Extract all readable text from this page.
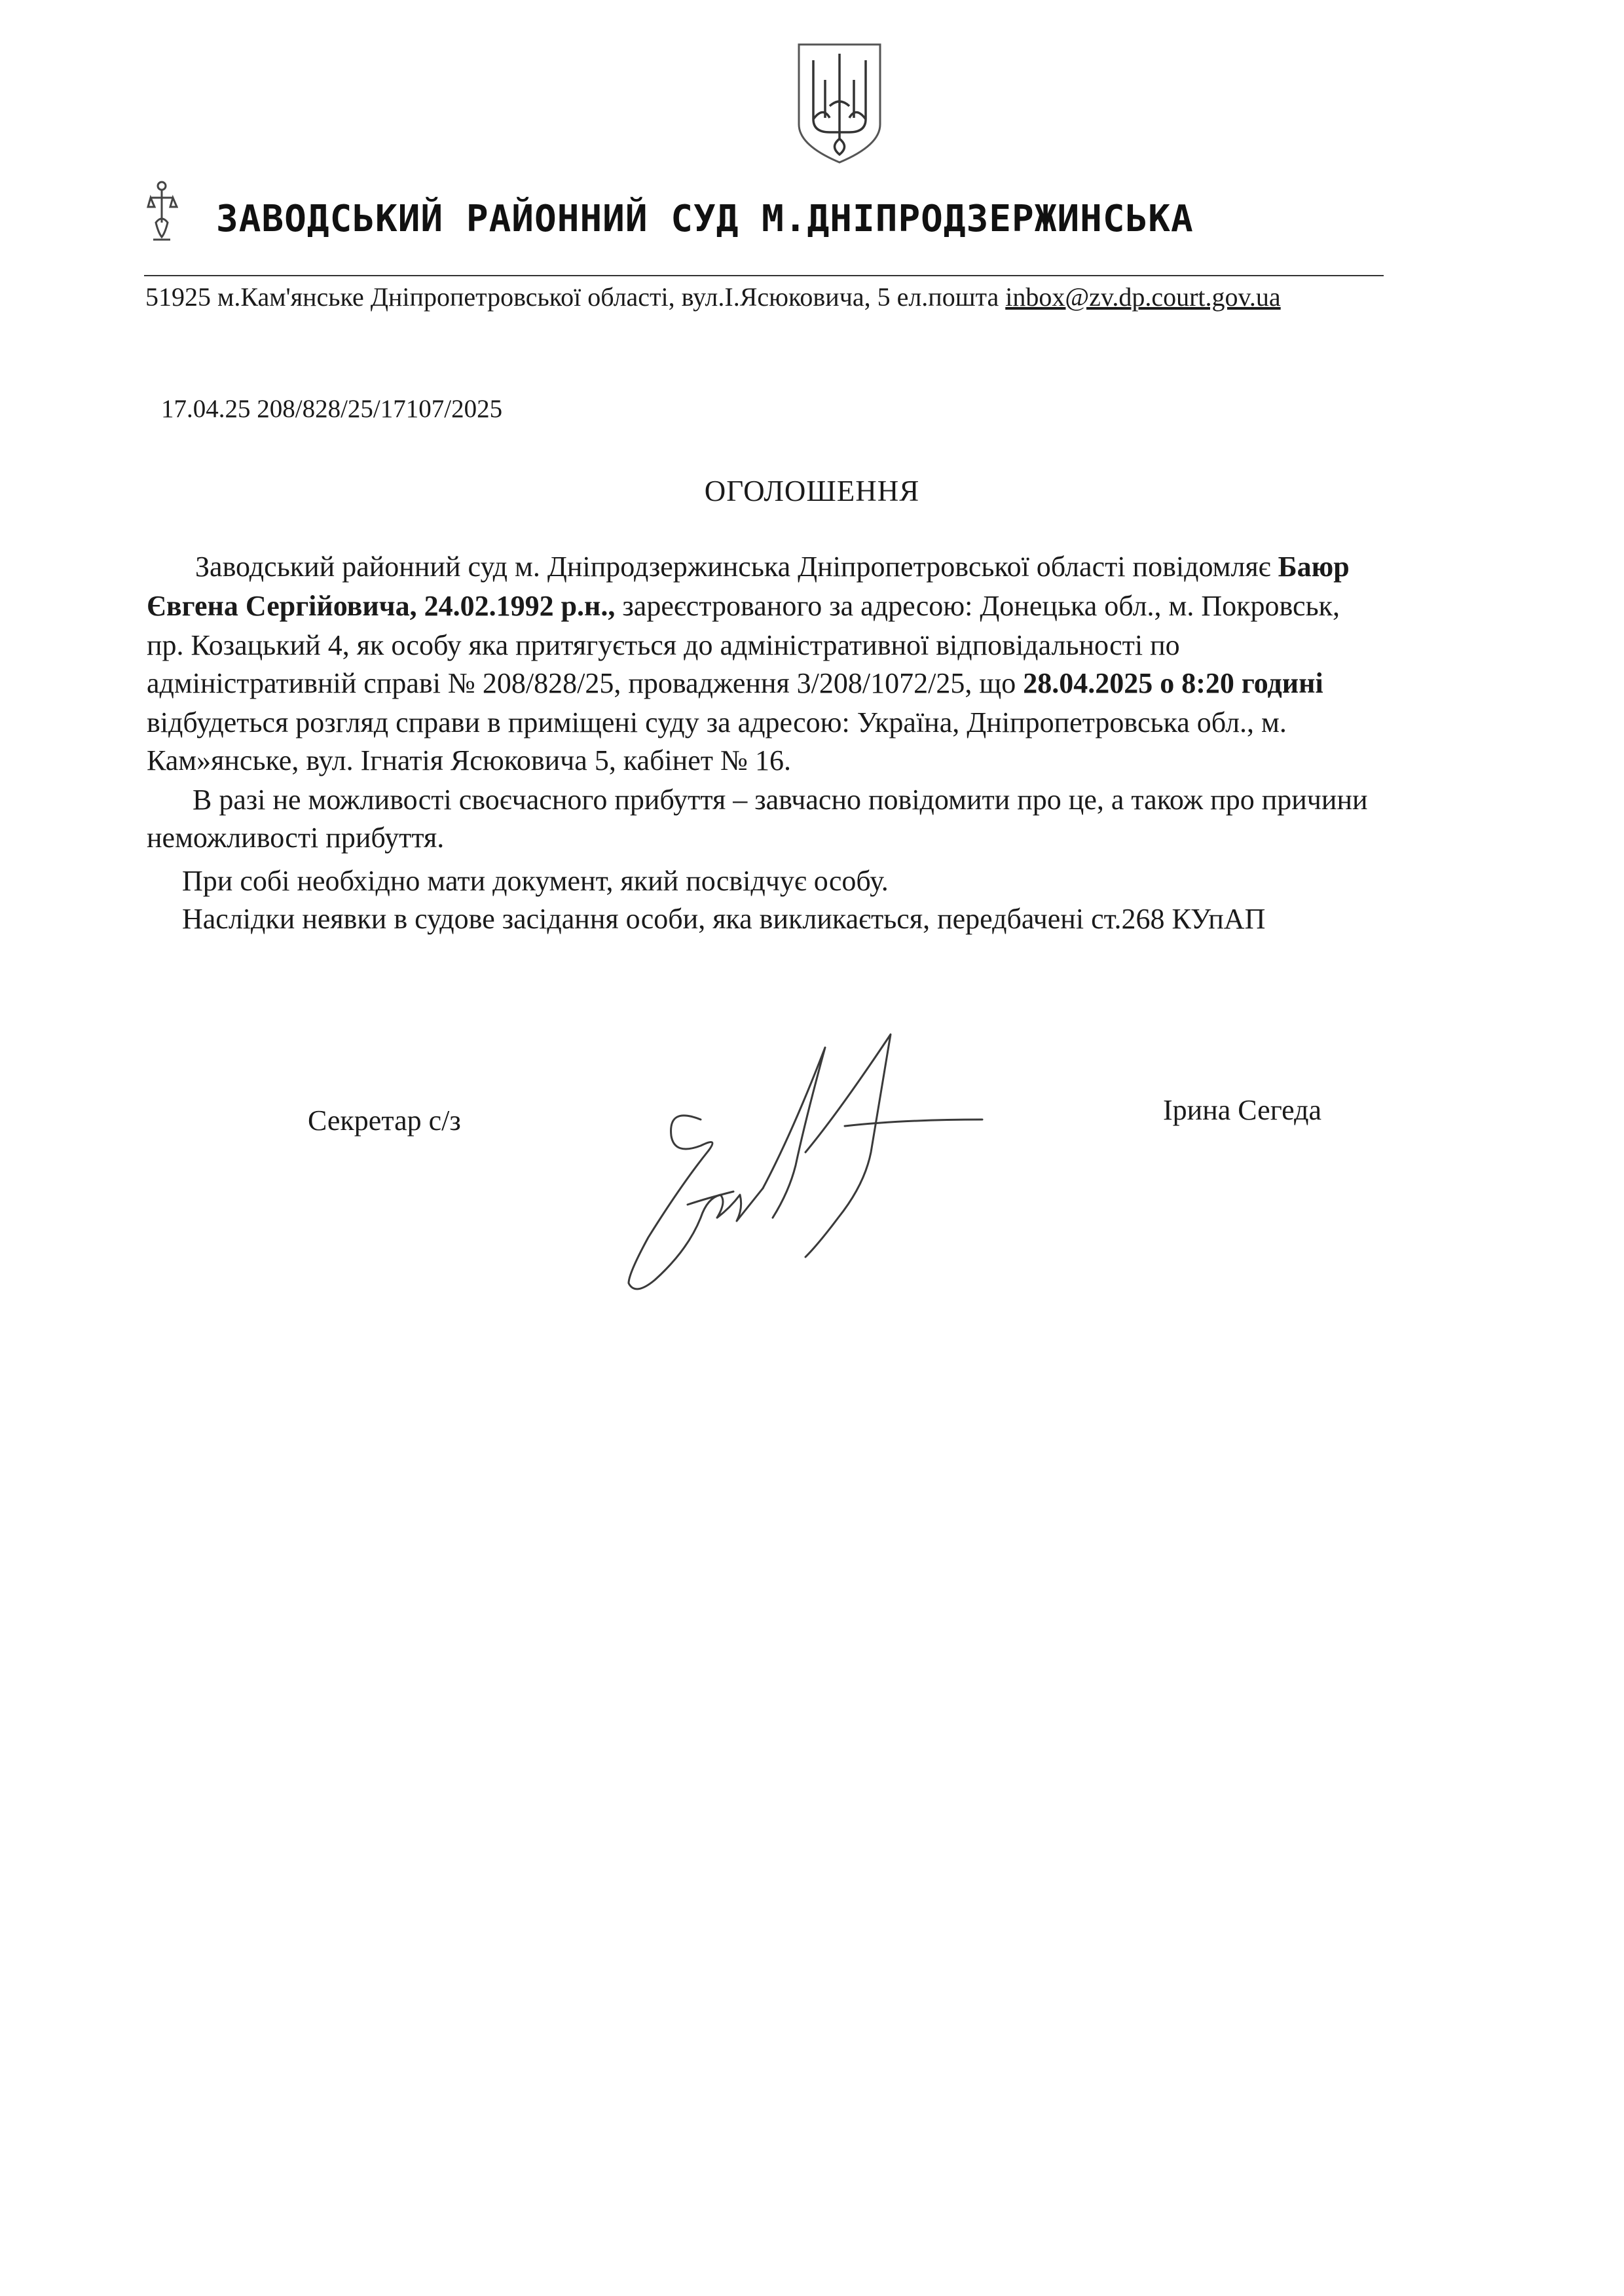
ЗАВОДСЬКИЙ РАЙОННИЙ СУД М.ДНІПРОДЗЕРЖИНСЬКА
51925 м.Кам'янське Дніпропетровської області, вул.І.Ясюковича, 5 ел.пошта inbox@zv.dp.court.gov.ua
17.04.25 208/828/25/17107/2025
ОГОЛОШЕННЯ
Заводський районний суд м. Дніпродзержинська Дніпропетровської області повідомляє Баюр
Євгена Сергійовича, 24.02.1992 р.н., зареєстрованого за адресою: Донецька обл., м. Покровськ,
пр. Козацький 4, як особу яка притягується до адміністративної відповідальності по
адміністративній справі № 208/828/25, провадження 3/208/1072/25, що 28.04.2025 о 8:20 годині
відбудеться розгляд справи в приміщені суду за адресою: Україна, Дніпропетровська обл., м.
Кам»янське, вул. Ігнатія Ясюковича 5, кабінет № 16.
В разі не можливості своєчасного прибуття – завчасно повідомити про це, а також про причини
неможливості прибуття.
При собі необхідно мати документ, який посвідчує особу.
Наслідки неявки в судове засідання особи, яка викликається, передбачені ст.268 КУпАП
Секретар с/з	Ірина Сегеда
